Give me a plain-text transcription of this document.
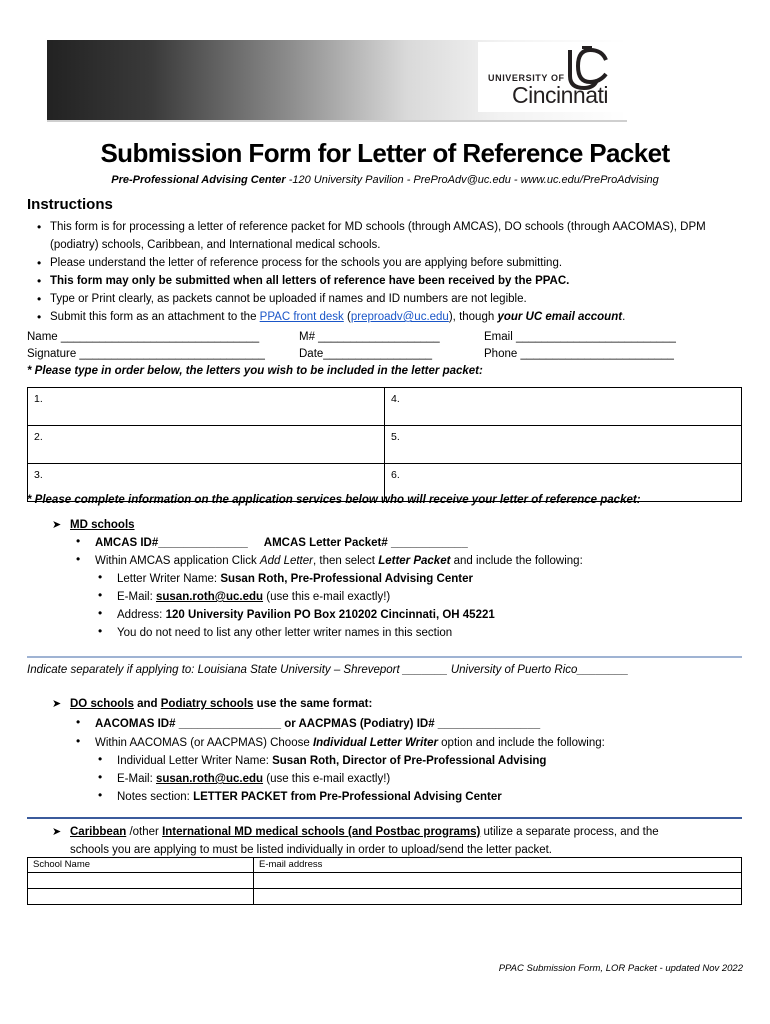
UNIVERSITY OF
Cincinnati
Submission Form for Letter of Reference Packet
Pre-Professional Advising Center -120 University Pavilion - PreProAdv@uc.edu - www.uc.edu/PreProAdvising
Instructions
• This form is for processing a letter of reference packet for MD schools (through AMCAS), DO schools (through AACOMAS), DPM (podiatry) schools, Caribbean, and International medical schools.
• Please understand the letter of reference process for the schools you are applying before submitting.
• This form may only be submitted when all letters of reference have been received by the PPAC.
• Type or Print clearly, as packets cannot be uploaded if names and ID numbers are not legible.
• Submit this form as an attachment to the PPAC front desk (preproadv@uc.edu), though your UC email account.
Name _______________________________	M# ___________________	Email _________________________
Signature _____________________________	Date_________________	Phone ________________________
* Please type in order below, the letters you wish to be included in the letter packet:
1.	4.
2.	5.
3.	6.
* Please complete information on the application services below who will receive your letter of reference packet:
➤ MD schools
• AMCAS ID#______________ AMCAS Letter Packet# ____________
• Within AMCAS application Click Add Letter, then select Letter Packet and include the following:
• Letter Writer Name: Susan Roth, Pre-Professional Advising Center
• E-Mail: susan.roth@uc.edu (use this e-mail exactly!)
• Address: 120 University Pavilion PO Box 210202 Cincinnati, OH 45221
• You do not need to list any other letter writer names in this section
Indicate separately if applying to: Louisiana State University – Shreveport _______ University of Puerto Rico________
➤ DO schools and Podiatry schools use the same format:
• AACOMAS ID# ________________ or AACPMAS (Podiatry) ID# ________________
• Within AACOMAS (or AACPMAS) Choose Individual Letter Writer option and include the following:
• Individual Letter Writer Name: Susan Roth, Director of Pre-Professional Advising
• E-Mail: susan.roth@uc.edu (use this e-mail exactly!)
• Notes section: LETTER PACKET from Pre-Professional Advising Center
➤ Caribbean /other International MD medical schools (and Postbac programs) utilize a separate process, and the
schools you are applying to must be listed individually in order to upload/send the letter packet.
School Name	E-mail address

PPAC Submission Form, LOR Packet - updated Nov 2022
